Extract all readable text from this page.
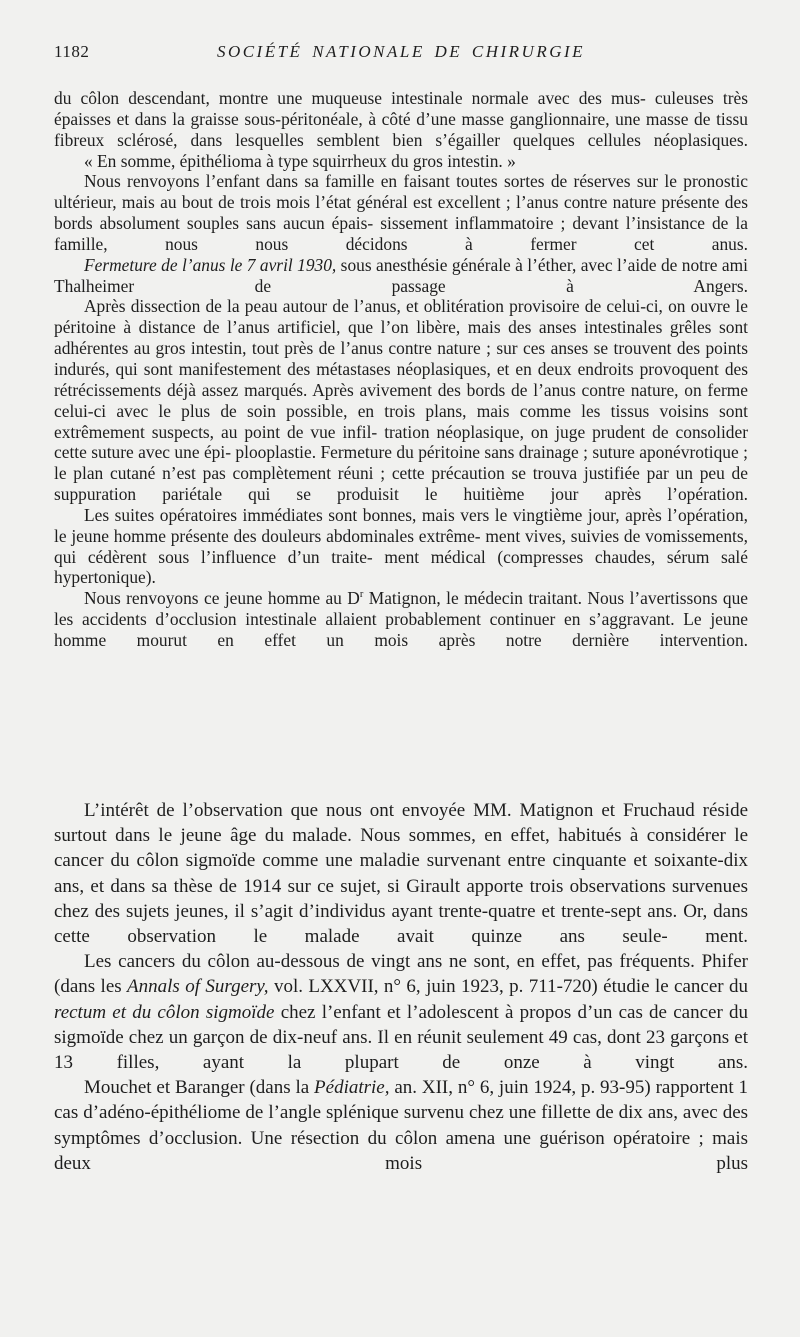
1182	SOCIÉTÉ NATIONALE DE CHIRURGIE

du côlon descendant, montre une muqueuse intestinale normale avec des mus- culeuses très épaisses et dans la graisse sous-péritonéale, à côté d’une masse ganglionnaire, une masse de tissu fibreux sclérosé, dans lesquelles semblent bien s’égailler quelques cellules néoplasiques.

« En somme, épithélioma à type squirrheux du gros intestin. »

Nous renvoyons l’enfant dans sa famille en faisant toutes sortes de réserves sur le pronostic ultérieur, mais au bout de trois mois l’état général est excellent ; l’anus contre nature présente des bords absolument souples sans aucun épais- sissement inflammatoire ; devant l’insistance de la famille, nous nous décidons	à fermer cet anus.

Fermeture de l’anus le 7 avril 1930, sous anesthésie générale à l’éther, avec l’aide de notre ami Thalheimer de passage à Angers.

Après dissection de la peau autour de l’anus, et oblitération provisoire de celui-ci, on ouvre le péritoine à distance de l’anus artificiel, que l’on libère, mais des anses intestinales grêles sont adhérentes au gros intestin, tout près de l’anus contre nature ; sur ces anses se trouvent des points indurés, qui sont manifestement des métastases néoplasiques, et en deux endroits provoquent des rétrécissements déjà assez marqués. Après avivement des bords de l’anus contre nature, on ferme celui-ci avec le plus de soin possible, en trois plans, mais comme les tissus voisins sont extrêmement suspects, au point de vue infil- tration néoplasique, on juge prudent de consolider cette suture avec une épi- plooplastie. Fermeture du péritoine sans drainage ; suture aponévrotique ; le plan cutané n’est pas complètement réuni ; cette précaution se trouva justifiée par un peu de suppuration pariétale qui se produisit le huitième jour après l’opération.

Les suites opératoires immédiates sont bonnes, mais vers le vingtième jour, après l’opération, le jeune homme présente des douleurs abdominales extrême- ment vives, suivies de vomissements, qui cédèrent sous l’influence d’un traite- ment médical (compresses chaudes, sérum salé hypertonique).

Nous renvoyons ce jeune homme au $D^r$ Matignon, le médecin traitant. Nous l’avertissons que les accidents d’occlusion intestinale allaient probablement continuer en s’aggravant. Le jeune homme mourut en effet un mois après notre dernière intervention.

L’intérêt de l’observation que nous ont envoyée MM. Matignon et Fruchaud réside surtout dans le jeune âge du malade. Nous sommes, en effet, habitués à considérer le cancer du côlon sigmoïde comme une maladie survenant entre cinquante et soixante-dix ans, et dans sa thèse de 1914 sur ce sujet, si Girault apporte trois observations survenues chez des sujets jeunes, il s’agit d’individus ayant trente-quatre et trente-sept ans. Or, dans cette observation le malade avait quinze ans seule- ment.

Les cancers du côlon au-dessous de vingt ans ne sont, en effet, pas fréquents. Phifer (dans les Annals of Surgery, vol. LXXVII, n° 6, juin 1923, p. 711-720) étudie le cancer du rectum et du côlon sigmoïde chez l’enfant et l’adolescent à propos d’un cas de cancer du sigmoïde chez un garçon de dix-neuf ans. Il en réunit seulement 49 cas, dont 23 garçons et 13 filles, ayant la plupart de onze à vingt ans.

Mouchet et Baranger (dans la Pédiatrie, an. XII, n° 6, juin 1924, p. 93-95) rapportent 1 cas d’adéno-épithéliome de l’angle splénique survenu chez une fillette de dix ans, avec des symptômes d’occlusion. Une résection du côlon amena une guérison opératoire ; mais deux mois plus
